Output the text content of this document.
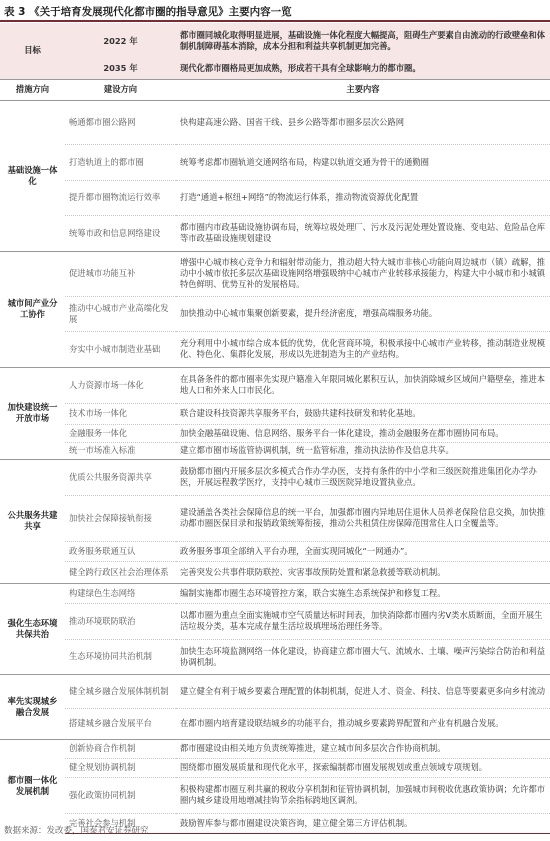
表 3 《关于培育发展现代化都市圈的指导意见》主要内容一览
目标	2022 年	都市圈同城化取得明显进展，基础设施一体化程度大幅提高，阻碍生产要素自由流动的行政壁垒和体制机制障碍基本消除，成本分担和利益共享机制更加完善。
	2035 年	现代化都市圈格局更加成熟，形成若干具有全球影响力的都市圈。
措施方向	建设方向	主要内容
基础设施一体化	畅通都市圈公路网	快构建高速公路、国省干线、县乡公路等都市圈多层次公路网
	打造轨道上的都市圈	统筹考虑都市圈轨道交通网络布局，构建以轨道交通为骨干的通勤圈
	提升都市圈物流运行效率	打造“通道+枢纽+网络”的物流运行体系，推动物流资源优化配置
	统筹市政和信息网络建设	都市圈内市政基础设施协调布局，统筹垃圾处理厂、污水及污泥处理处置设施、变电站、危险品仓库等市政基础设施规划建设
城市间产业分工协作	促进城市功能互补	增强中心城市核心竞争力和辐射带动能力，推动超大特大城市非核心功能向周边城市（镇）疏解，推动中小城市依托多层次基础设施网络增强吸纳中心城市产业转移承接能力，构建大中小城市和小城镇特色鲜明、优势互补的发展格局。
	推动中心城市产业高端化发展	加快推动中心城市集聚创新要素，提升经济密度，增强高端服务功能。
	夯实中小城市制造业基础	充分利用中小城市综合成本低的优势，优化营商环境，积极承接中心城市产业转移，推动制造业规模化、特色化、集群化发展，形成以先进制造为主的产业结构。
加快建设统一开放市场	人力资源市场一体化	在具备条件的都市圈率先实现户籍准入年限同城化累积互认，加快消除城乡区域间户籍壁垒，推进本地人口和外来人口市民化。
	技术市场一体化	联合建设科技资源共享服务平台，鼓励共建科技研发和转化基地。
	金融服务一体化	加快金融基础设施、信息网络、服务平台一体化建设，推动金融服务在都市圈协同布局。
	统一市场准入标准	建立都市圈市场监管协调机制，统一监管标准，推动执法协作及信息共享。
公共服务共建共享	优质公共服务资源共享	鼓励都市圈内开展多层次多模式合作办学办医，支持有条件的中小学和三级医院推进集团化办学办医，开展远程教学医疗，支持中心城市三级医院异地设置执业点。
	加快社会保障接轨衔接	建设涵盖各类社会保障信息的统一平台，加强都市圈内异地居住退休人员养老保险信息交换，加快推动都市圈医保目录和报销政策统筹衔接，推动公共租赁住房保障范围常住人口全覆盖等。
	政务服务联通互认	政务服务事项全部纳入平台办理，全面实现同城化“一网通办”。
	健全跨行政区社会治理体系	完善突发公共事件联防联控、灾害事故预防处置和紧急救援等联动机制。
强化生态环境共保共治	构建绿色生态网络	编制实施都市圈生态环境管控方案，联合实施生态系统保护和修复工程。
	推动环境联防联治	以都市圈为重点全面实施城市空气质量达标时间表，加快消除都市圈内劣Ⅴ类水质断面，全面开展生活垃圾分类，基本完成存量生活垃圾填埋场治理任务等。
	生态环境协同共治机制	加快生态环境监测网络一体化建设，协商建立都市圈大气、流域水、土壤、噪声污染综合防治和利益协调机制。
率先实现城乡融合发展	健全城乡融合发展体制机制	建立健全有利于城乡要素合理配置的体制机制，促进人才、资金、科技、信息等要素更多向乡村流动
	搭建城乡融合发展平台	在都市圈内培育建设联结城乡的功能平台，推动城乡要素跨界配置和产业有机融合发展。
都市圈一体化发展机制	创新协商合作机制	都市圈建设由相关地方负责统筹推进，建立城市间多层次合作协商机制。
	健全规划协调机制	围绕都市圈发展质量和现代化水平，探索编制都市圈发展规划或重点领域专项规划。
	强化政策协同机制	积极构建都市圈互利共赢的税收分享机制和征管协调机制，加强城市间税收优惠政策协调；允许都市圈内城乡建设用地增减挂钩节余指标跨地区调剂。
	完善社会参与机制	鼓励智库参与都市圈建设决策咨询，建立健全第三方评估机制。
数据来源：发改委，国泰君安证券研究
